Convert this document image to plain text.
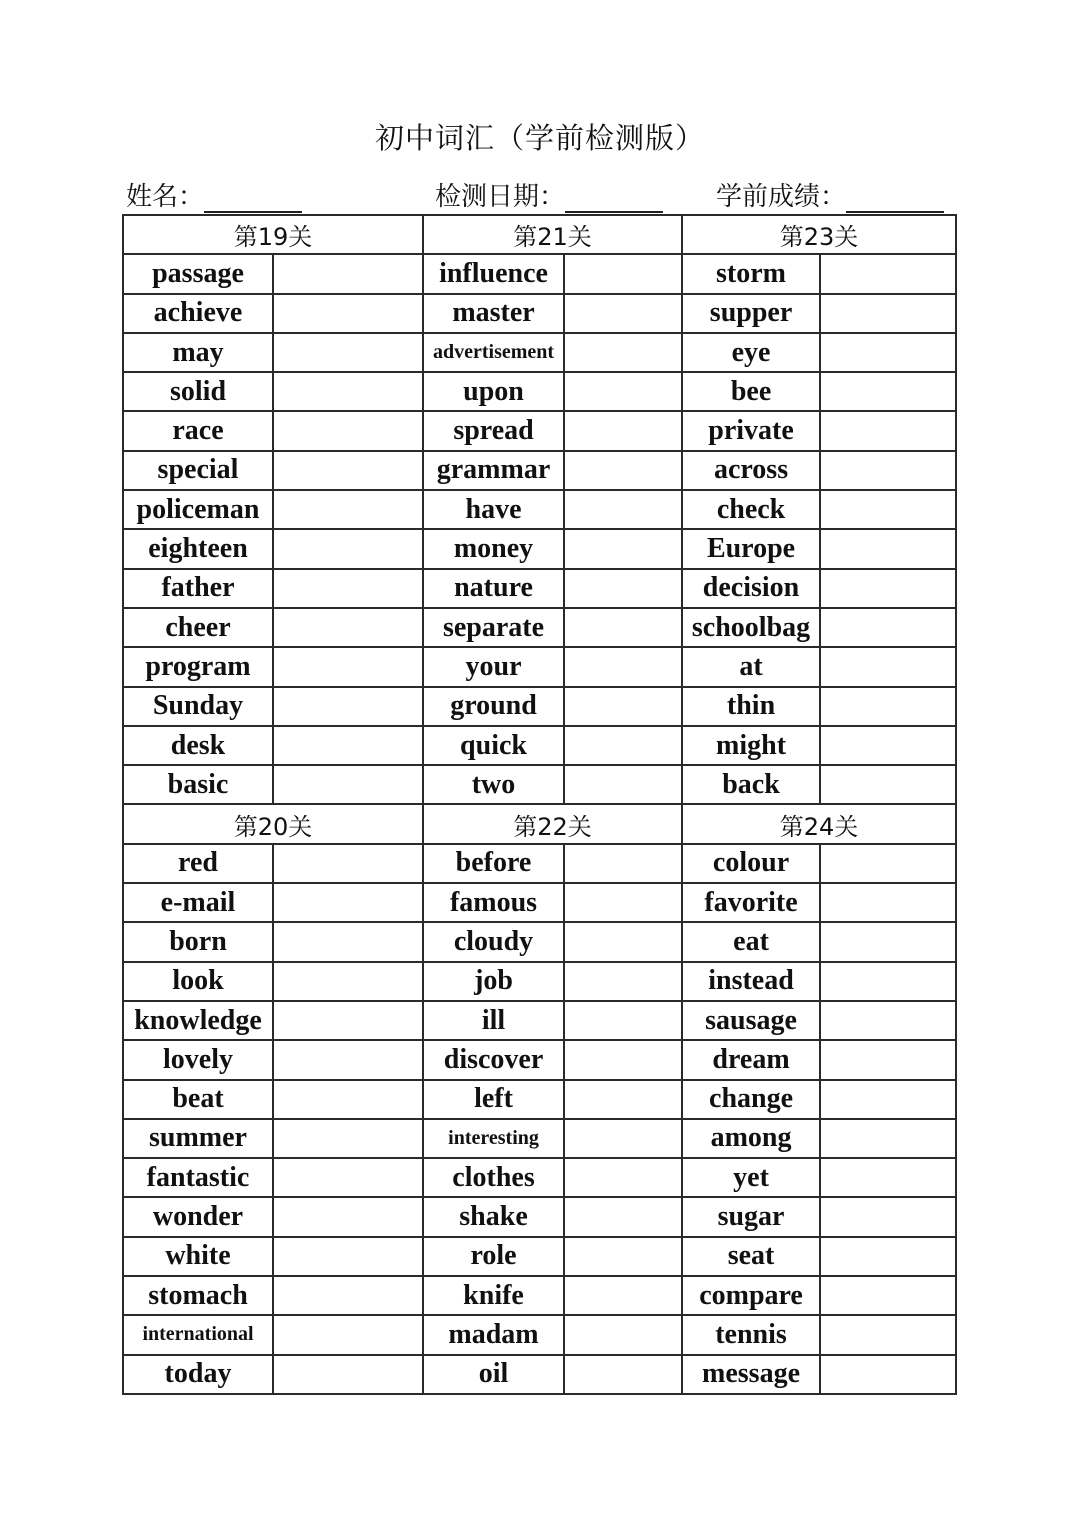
初中词汇（学前检测版）
姓名：	检测日期：	学前成绩：
第19关		第21关		第23关	
passage		influence		storm	
achieve		master		supper	
may		advertisement		eye	
solid		upon		bee	
race		spread		private	
special		grammar		across	
policeman		have		check	
eighteen		money		Europe	
father		nature		decision	
cheer		separate		schoolbag	
program		your		at	
Sunday		ground		thin	
desk		quick		might	
basic		two		back	
第20关		第22关		第24关	
red		before		colour	
e-mail		famous		favorite	
born		cloudy		eat	
look		job		instead	
knowledge		ill		sausage	
lovely		discover		dream	
beat		left		change	
summer		interesting		among	
fantastic		clothes		yet	
wonder		shake		sugar	
white		role		seat	
stomach		knife		compare	
international		madam		tennis	
today		oil		message	
